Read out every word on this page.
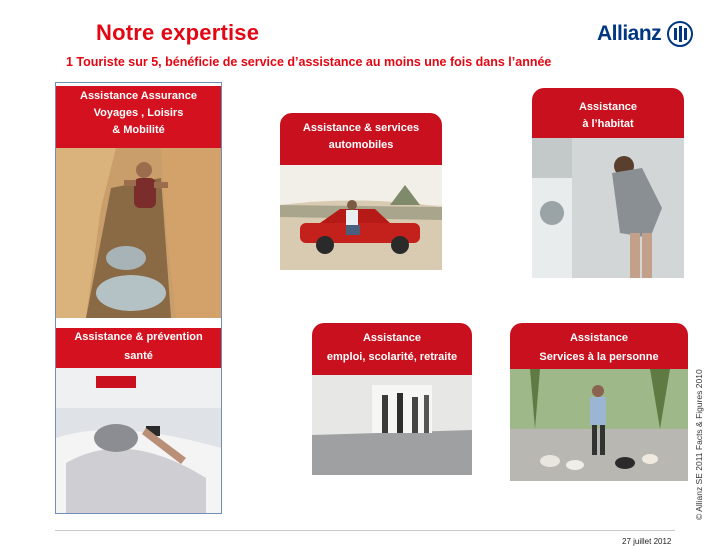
Notre expertise
1 Touriste sur 5, bénéficie de service d’assistance au moins une fois dans l’année
Allianz
Assistance Assurance
Voyages , Loisirs
& Mobilité	Assistance & services
automobiles
Assistance
à l’habitat
Assistance & prévention
santé
Assistance
emploi, scolarité, retraite
Assistance
Services à la personne
© Allianz SE 2011 Facts & Figures 2010
27 juillet 2012
